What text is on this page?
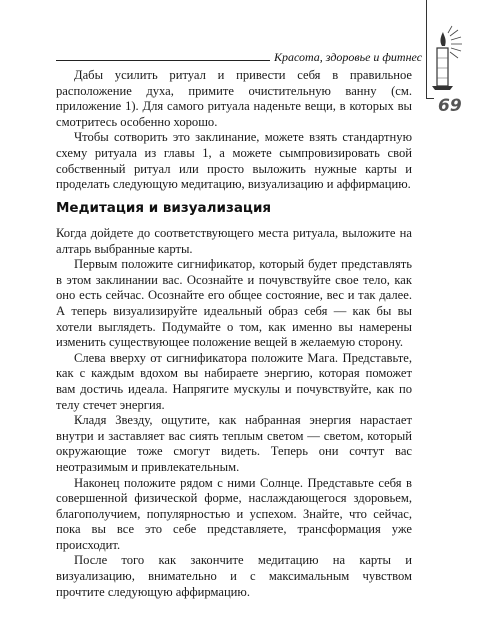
Красота, здоровье и фитнес
69

Дабы усилить ритуал и привести себя в правильное расположение духа, примите очистительную ванну (см. приложение 1). Для самого ритуала наденьте вещи, в которых вы смотритесь особенно хорошо.

Чтобы сотворить это заклинание, можете взять стандартную схему ритуала из главы 1, а можете сымпровизировать свой собственный ритуал или просто выложить нужные карты и проделать следующую медитацию, визуализацию и аффирмацию.

Медитация и визуализация

Когда дойдете до соответствующего места ритуала, выложите на алтарь выбранные карты.

Первым положите сигнификатор, который будет представлять в этом заклинании вас. Осознайте и почувствуйте свое тело, как оно есть сейчас. Осознайте его общее состояние, вес и так далее. А теперь визуализируйте идеальный образ себя — как бы вы хотели выглядеть. Подумайте о том, как именно вы намерены изменить существующее положение вещей в желаемую сторону.

Слева вверху от сигнификатора положите Мага. Представьте, как с каждым вдохом вы набираете энергию, которая поможет вам достичь идеала. Напрягите мускулы и почувствуйте, как по телу стечет энергия.

Кладя Звезду, ощутите, как набранная энергия нарастает внутри и заставляет вас сиять теплым светом — светом, который окружающие тоже смогут видеть. Теперь они сочтут вас неотразимым и привлекательным.

Наконец положите рядом с ними Солнце. Представьте себя в совершенной физической форме, наслаждающегося здоровьем, благополучием, популярностью и успехом. Знайте, что сейчас, пока вы все это себе представляете, трансформация уже происходит.

После того как закончите медитацию на карты и визуализацию, внимательно и с максимальным чувством прочтите следующую аффирмацию.
